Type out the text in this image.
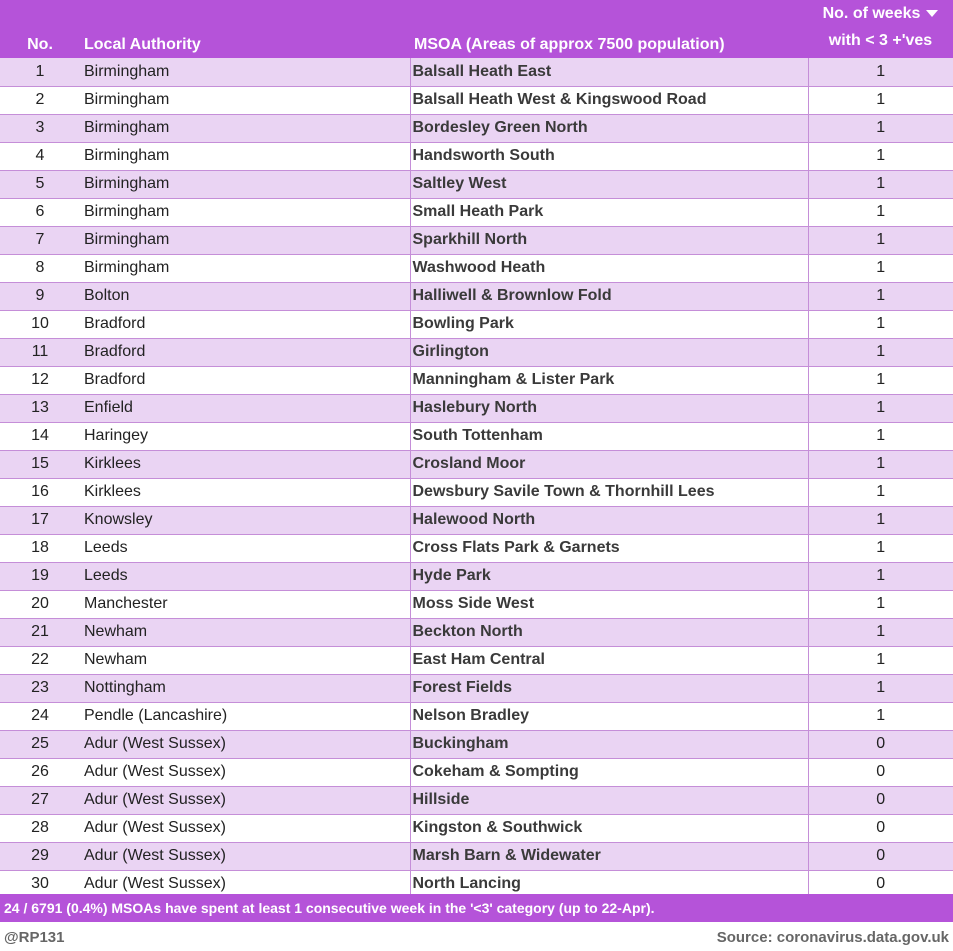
No.	Local Authority	MSOA (Areas of approx 7500 population)	No. of weeks
with < 3 +'ves
1	Birmingham	Balsall Heath East	1
2	Birmingham	Balsall Heath West & Kingswood Road	1
3	Birmingham	Bordesley Green North	1
4	Birmingham	Handsworth South	1
5	Birmingham	Saltley West	1
6	Birmingham	Small Heath Park	1
7	Birmingham	Sparkhill North	1
8	Birmingham	Washwood Heath	1
9	Bolton	Halliwell & Brownlow Fold	1
10	Bradford	Bowling Park	1
11	Bradford	Girlington	1
12	Bradford	Manningham & Lister Park	1
13	Enfield	Haslebury North	1
14	Haringey	South Tottenham	1
15	Kirklees	Crosland Moor	1
16	Kirklees	Dewsbury Savile Town & Thornhill Lees	1
17	Knowsley	Halewood North	1
18	Leeds	Cross Flats Park & Garnets	1
19	Leeds	Hyde Park	1
20	Manchester	Moss Side West	1
21	Newham	Beckton North	1
22	Newham	East Ham Central	1
23	Nottingham	Forest Fields	1
24	Pendle (Lancashire)	Nelson Bradley	1
25	Adur (West Sussex)	Buckingham	0
26	Adur (West Sussex)	Cokeham & Sompting	0
27	Adur (West Sussex)	Hillside	0
28	Adur (West Sussex)	Kingston & Southwick	0
29	Adur (West Sussex)	Marsh Barn & Widewater	0
30	Adur (West Sussex)	North Lancing	0
24 / 6791 (0.4%) MSOAs have spent at least 1 consecutive week in the '<3' category (up to 22-Apr).
@RP131	Source: coronavirus.data.gov.uk
